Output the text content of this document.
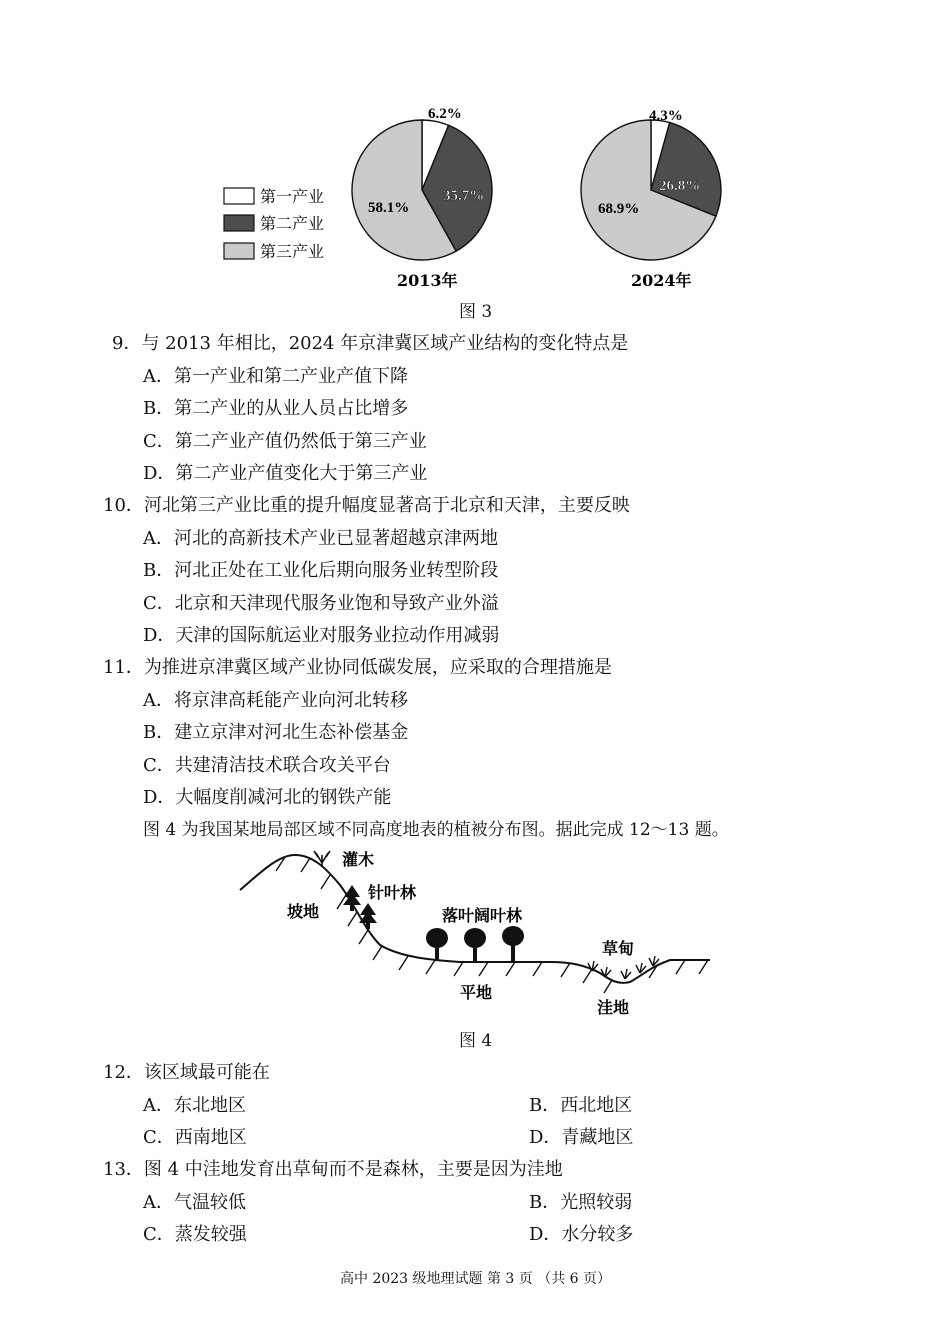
第一产业
第二产业
第三产业
6.2%
35.7%
58.1%
2013年
4.3%
26.8%
68.9%
2024年
图 3
9．与 2013 年相比，2024 年京津冀区域产业结构的变化特点是
A．第一产业和第二产业产值下降
B．第二产业的从业人员占比增多
C．第二产业产值仍然低于第三产业
D．第二产业产值变化大于第三产业
10．河北第三产业比重的提升幅度显著高于北京和天津，主要反映
A．河北的高新技术产业已显著超越京津两地
B．河北正处在工业化后期向服务业转型阶段
C．北京和天津现代服务业饱和导致产业外溢
D．天津的国际航运业对服务业拉动作用减弱
11．为推进京津冀区域产业协同低碳发展，应采取的合理措施是
A．将京津高耗能产业向河北转移
B．建立京津对河北生态补偿基金
C．共建清洁技术联合攻关平台
D．大幅度削减河北的钢铁产能
图 4 为我国某地局部区域不同高度地表的植被分布图。据此完成 12～13 题。
灌木
针叶林
坡地	落叶阔叶林
草甸
平地
洼地
图 4
12．该区域最可能在
A．东北地区	B．西北地区
C．西南地区	D．青藏地区
13．图 4 中洼地发育出草甸而不是森林，主要是因为洼地
A．气温较低	B．光照较弱
C．蒸发较强	D．水分较多
高中 2023 级地理试题 第 3 页 （共 6 页）
